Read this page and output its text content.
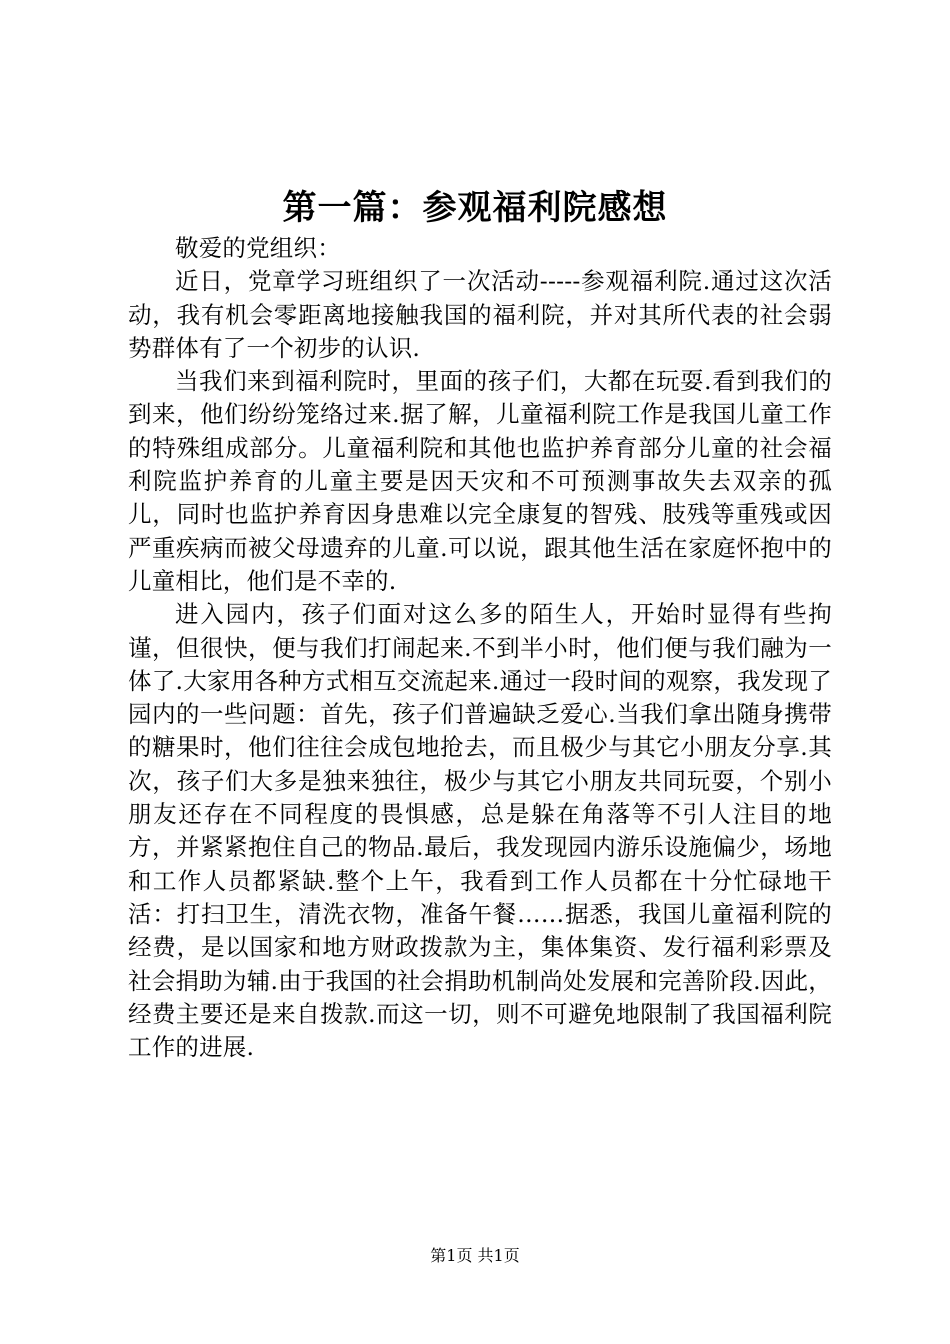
第一篇：参观福利院感想

敬爱的党组织：

近日，党章学习班组织了一次活动-----参观福利院.通过这次活动，我有机会零距离地接触我国的福利院，并对其所代表的社会弱势群体有了一个初步的认识.

当我们来到福利院时，里面的孩子们，大都在玩耍.看到我们的到来，他们纷纷笼络过来.据了解，儿童福利院工作是我国儿童工作的特殊组成部分。儿童福利院和其他也监护养育部分儿童的社会福利院监护养育的儿童主要是因天灾和不可预测事故失去双亲的孤儿，同时也监护养育因身患难以完全康复的智残、肢残等重残或因严重疾病而被父母遗弃的儿童.可以说，跟其他生活在家庭怀抱中的儿童相比，他们是不幸的.

进入园内，孩子们面对这么多的陌生人，开始时显得有些拘谨，但很快，便与我们打闹起来.不到半小时，他们便与我们融为一体了.大家用各种方式相互交流起来.通过一段时间的观察，我发现了园内的一些问题：首先，孩子们普遍缺乏爱心.当我们拿出随身携带的糖果时，他们往往会成包地抢去，而且极少与其它小朋友分享.其次，孩子们大多是独来独往，极少与其它小朋友共同玩耍，个别小朋友还存在不同程度的畏惧感，总是躲在角落等不引人注目的地方，并紧紧抱住自己的物品.最后，我发现园内游乐设施偏少，场地和工作人员都紧缺.整个上午，我看到工作人员都在十分忙碌地干活：打扫卫生，清洗衣物，准备午餐……据悉，我国儿童福利院的经费，是以国家和地方财政拨款为主，集体集资、发行福利彩票及社会捐助为辅.由于我国的社会捐助机制尚处发展和完善阶段.因此，经费主要还是来自拨款.而这一切，则不可避免地限制了我国福利院工作的进展.

第1页 共1页
